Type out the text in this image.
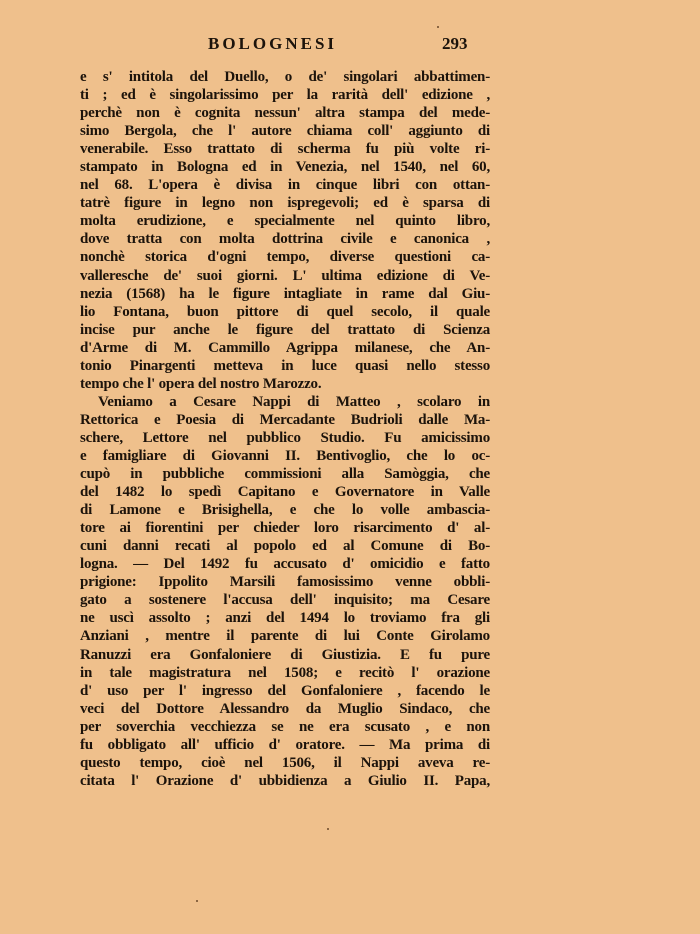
BOLOGNESI	293
e s' intitola del Duello, o de' singolari abbattimen-
ti ; ed è singolarissimo per la rarità dell' edizione ,
perchè non è cognita nessun' altra stampa del mede-
simo Bergola, che l' autore chiama coll' aggiunto di
venerabile. Esso trattato di scherma fu più volte ri-
stampato in Bologna ed in Venezia, nel 1540, nel 60,
nel 68. L'opera è divisa in cinque libri con ottan-
tatrè figure in legno non ispregevoli; ed è sparsa di
molta erudizione, e specialmente nel quinto libro,
dove tratta con molta dottrina civile e canonica ,
nonchè storica d'ogni tempo, diverse questioni ca-
valleresche de' suoi giorni. L' ultima edizione di Ve-
nezia (1568) ha le figure intagliate in rame dal Giu-
lio Fontana, buon pittore di quel secolo, il quale
incise pur anche le figure del trattato di Scienza
d'Arme di M. Cammillo Agrippa milanese, che An-
tonio Pinargenti metteva in luce quasi nello stesso
tempo che l' opera del nostro Marozzo.
Veniamo a Cesare Nappi di Matteo , scolaro in
Rettorica e Poesia di Mercadante Budrioli dalle Ma-
schere, Lettore nel pubblico Studio. Fu amicissimo
e famigliare di Giovanni II. Bentivoglio, che lo oc-
cupò in pubbliche commissioni alla Samòggia, che
del 1482 lo spedì Capitano e Governatore in Valle
di Lamone e Brisighella, e che lo volle ambascia-
tore ai fiorentini per chieder loro risarcimento d' al-
cuni danni recati al popolo ed al Comune di Bo-
logna. — Del 1492 fu accusato d' omicidio e fatto
prigione: Ippolito Marsili famosissimo venne obbli-
gato a sostenere l'accusa dell' inquisito; ma Cesare
ne uscì assolto ; anzi del 1494 lo troviamo fra gli
Anziani , mentre il parente di lui Conte Girolamo
Ranuzzi era Gonfaloniere di Giustizia. E fu pure
in tale magistratura nel 1508; e recitò l' orazione
d' uso per l' ingresso del Gonfaloniere , facendo le
veci del Dottore Alessandro da Muglio Sindaco, che
per soverchia vecchiezza se ne era scusato , e non
fu obbligato all' ufficio d' oratore. — Ma prima di
questo tempo, cioè nel 1506, il Nappi aveva re-
citata l' Orazione d' ubbidienza a Giulio II. Papa,
